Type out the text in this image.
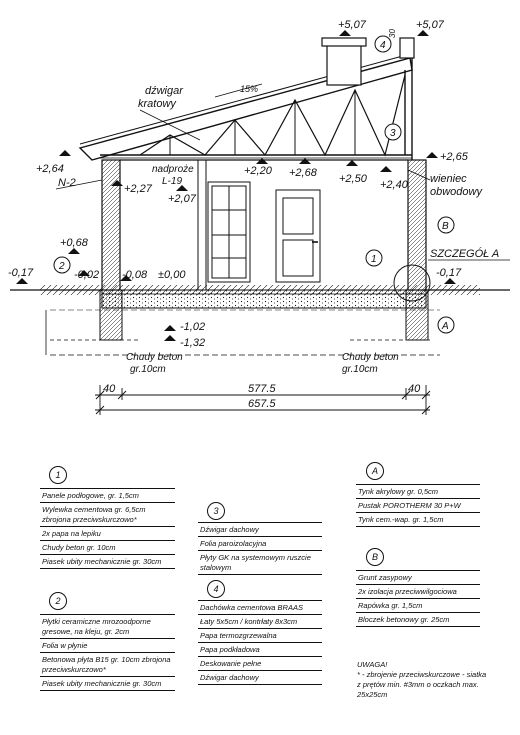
+5,07	+5,07
+2,64
+2,65
+2,27
+2,20 +2,68 +2,50 +2,40
+2,07
+0,68
-0,17	-0,02 -0,08 ±0,00	-0,17
-1,02
-1,32
dźwigar
kratowy
15%
wieniec
obwodowy
nadproże
L-19
N-2
SZCZEGÓŁ A
Chudy beton
gr.10cm
Chudy beton
gr.10cm
30
4
3
1
2
B
A
40	577.5	40
657.5
1
Panele podłogowe, gr. 1,5cm
Wylewka cementowa gr. 6,5cm zbrojona przeciwskurczowo*
2x papa na lepiku
Chudy beton gr. 10cm
Piasek ubity mechanicznie gr. 30cm
2
Płytki ceramiczne mrozoodporne gresowe, na kleju, gr. 2cm
Folia w płynie
Betonowa płyta B15 gr. 10cm zbrojona przeciwskurczowo*
Piasek ubity mechanicznie gr. 30cm
3
Dźwigar dachowy
Folia paroizolacyjna
Płyty GK na systemowym ruszcie stalowym
4
Dachówka cementowa BRAAS
Łaty 5x5cm / kontrłaty 8x3cm
Papa termozgrzewalna
Papa podkładowa
Deskowanie pełne
Dźwigar dachowy
A
Tynk akrylowy gr. 0,5cm
Pustak POROTHERM 30 P+W
Tynk cem.-wap. gr. 1,5cm
B
Grunt zasypowy
2x izolacja przeciwwilgociowa
Rapówka gr. 1,5cm
Bloczek betonowy gr. 25cm
UWAGA!
* - zbrojenie przeciwskurczowe - siatka z prętów min. #3mm o oczkach max. 25x25cm
